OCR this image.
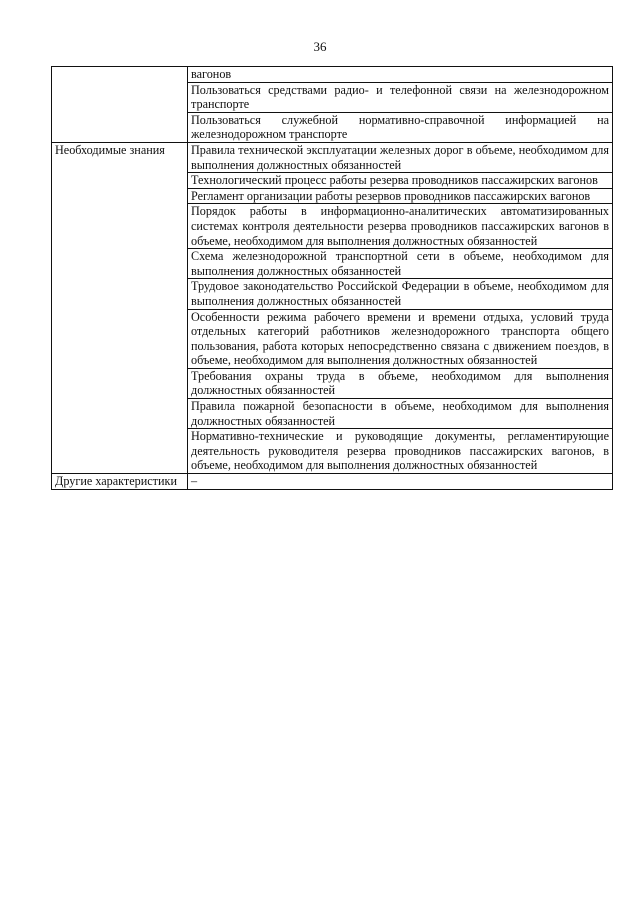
36

	вагонов

	Пользоваться средствами радио- и телефонной связи на железнодорожном транспорте

	Пользоваться служебной нормативно-справочной информацией на железнодорожном транспорте

Необходимые знания	Правила технической эксплуатации железных дорог в объеме, необходимом для выполнения должностных обязанностей

	Технологический процесс работы резерва проводников пассажирских вагонов

	Регламент организации работы резервов проводников пассажирских вагонов

	Порядок работы в информационно-аналитических автоматизированных системах контроля деятельности резерва проводников пассажирских вагонов в объеме, необходимом для выполнения должностных обязанностей

	Схема железнодорожной транспортной сети в объеме, необходимом для выполнения должностных обязанностей

	Трудовое законодательство Российской Федерации в объеме, необходимом для выполнения должностных обязанностей

	Особенности режима рабочего времени и времени отдыха, условий труда отдельных категорий работников железнодорожного транспорта общего пользования, работа которых непосредственно связана с движением поездов, в объеме, необходимом для выполнения должностных обязанностей

	Требования охраны труда в объеме, необходимом для выполнения должностных обязанностей

	Правила пожарной безопасности в объеме, необходимом для выполнения должностных обязанностей

	Нормативно-технические и руководящие документы, регламентирующие деятельность руководителя резерва проводников пассажирских вагонов, в объеме, необходимом для выполнения должностных обязанностей

Другие характеристики	–
